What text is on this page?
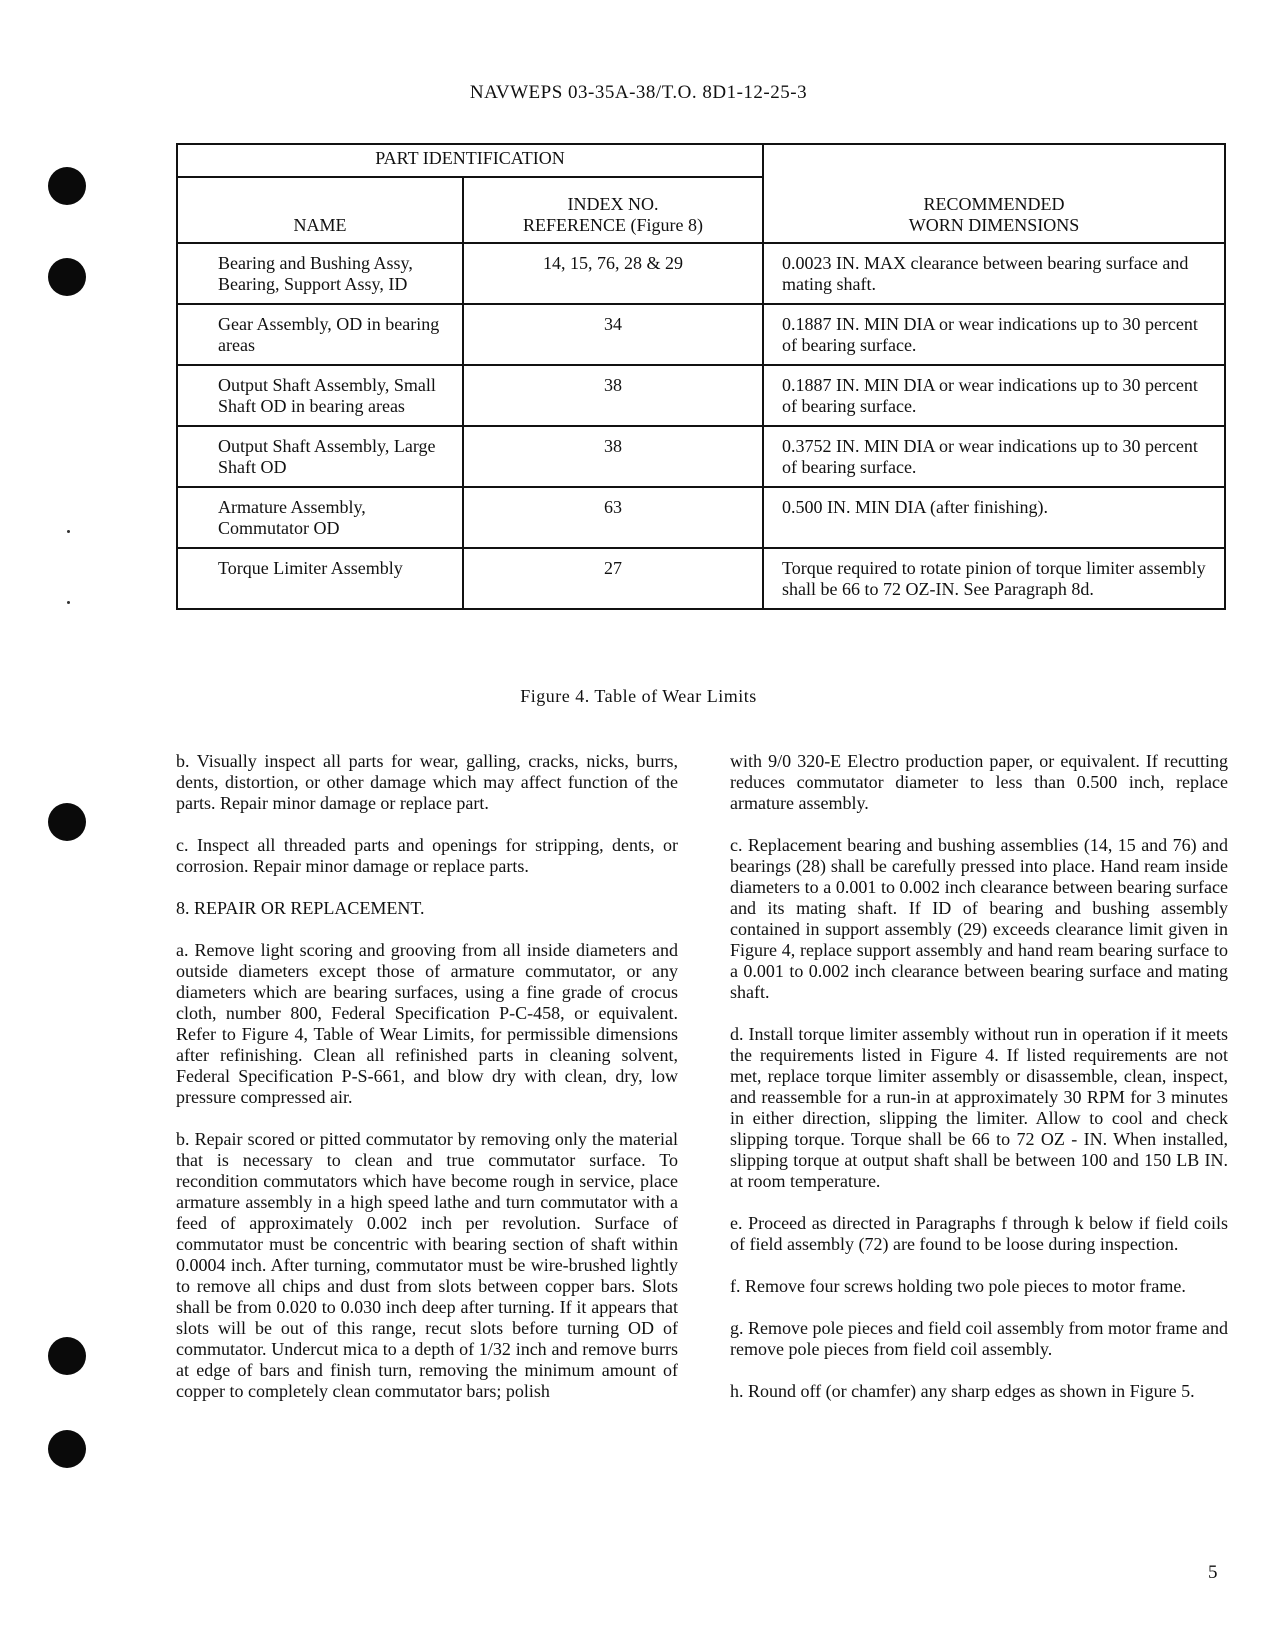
NAVWEPS 03-35A-38/T.O. 8D1-12-25-3
PART IDENTIFICATION		RECOMMENDED
WORN DIMENSIONS

NAME	INDEX NO.
REFERENCE (Figure 8)	

Bearing and Bushing Assy, Bearing, Support Assy, ID	14, 15, 76, 28 & 29	0.0023 IN. MAX clearance between bearing surface and mating shaft.
Gear Assembly, OD in bearing areas	34	0.1887 IN. MIN DIA or wear indications up to 30 percent of bearing surface.
Output Shaft Assembly, Small Shaft OD in bearing areas	38	0.1887 IN. MIN DIA or wear indications up to 30 percent of bearing surface.
Output Shaft Assembly, Large Shaft OD	38	0.3752 IN. MIN DIA or wear indications up to 30 percent of bearing surface.
Armature Assembly, Commutator OD	63	0.500 IN. MIN DIA (after finishing).
Torque Limiter Assembly	27	Torque required to rotate pinion of torque limiter assembly shall be 66 to 72 OZ-IN. See Paragraph 8d.
Figure 4. Table of Wear Limits

b. Visually inspect all parts for wear, galling, cracks, nicks, burrs, dents, distortion, or other damage which may affect function of the parts. Repair minor damage or replace part.

c. Inspect all threaded parts and openings for stripping, dents, or corrosion. Repair minor damage or replace parts.

8. REPAIR OR REPLACEMENT.

a. Remove light scoring and grooving from all inside diameters and outside diameters except those of armature commutator, or any diameters which are bearing surfaces, using a fine grade of crocus cloth, number 800, Federal Specification P-C-458, or equivalent. Refer to Figure 4, Table of Wear Limits, for permissible dimensions after refinishing. Clean all refinished parts in cleaning solvent, Federal Specification P-S-661, and blow dry with clean, dry, low pressure compressed air.

b. Repair scored or pitted commutator by removing only the material that is necessary to clean and true commutator surface. To recondition commutators which have become rough in service, place armature assembly in a high speed lathe and turn commutator with a feed of approximately 0.002 inch per revolution. Surface of commutator must be concentric with bearing section of shaft within 0.0004 inch. After turning, commutator must be wire-brushed lightly to remove all chips and dust from slots between copper bars. Slots shall be from 0.020 to 0.030 inch deep after turning. If it appears that slots will be out of this range, recut slots before turning OD of commutator. Undercut mica to a depth of 1/32 inch and remove burrs at edge of bars and finish turn, removing the minimum amount of copper to completely clean commutator bars; polish

with 9/0 320-E Electro production paper, or equivalent. If recutting reduces commutator diameter to less than 0.500 inch, replace armature assembly.

c. Replacement bearing and bushing assemblies (14, 15 and 76) and bearings (28) shall be carefully pressed into place. Hand ream inside diameters to a 0.001 to 0.002 inch clearance between bearing surface and its mating shaft. If ID of bearing and bushing assembly contained in support assembly (29) exceeds clearance limit given in Figure 4, replace support assembly and hand ream bearing surface to a 0.001 to 0.002 inch clearance between bearing surface and mating shaft.

d. Install torque limiter assembly without run in operation if it meets the requirements listed in Figure 4. If listed requirements are not met, replace torque limiter assembly or disassemble, clean, inspect, and reassemble for a run-in at approximately 30 RPM for 3 minutes in either direction, slipping the limiter. Allow to cool and check slipping torque. Torque shall be 66 to 72 OZ - IN. When installed, slipping torque at output shaft shall be between 100 and 150 LB IN. at room temperature.

e. Proceed as directed in Paragraphs f through k below if field coils of field assembly (72) are found to be loose during inspection.

f. Remove four screws holding two pole pieces to motor frame.

g. Remove pole pieces and field coil assembly from motor frame and remove pole pieces from field coil assembly.

h. Round off (or chamfer) any sharp edges as shown in Figure 5.

5
